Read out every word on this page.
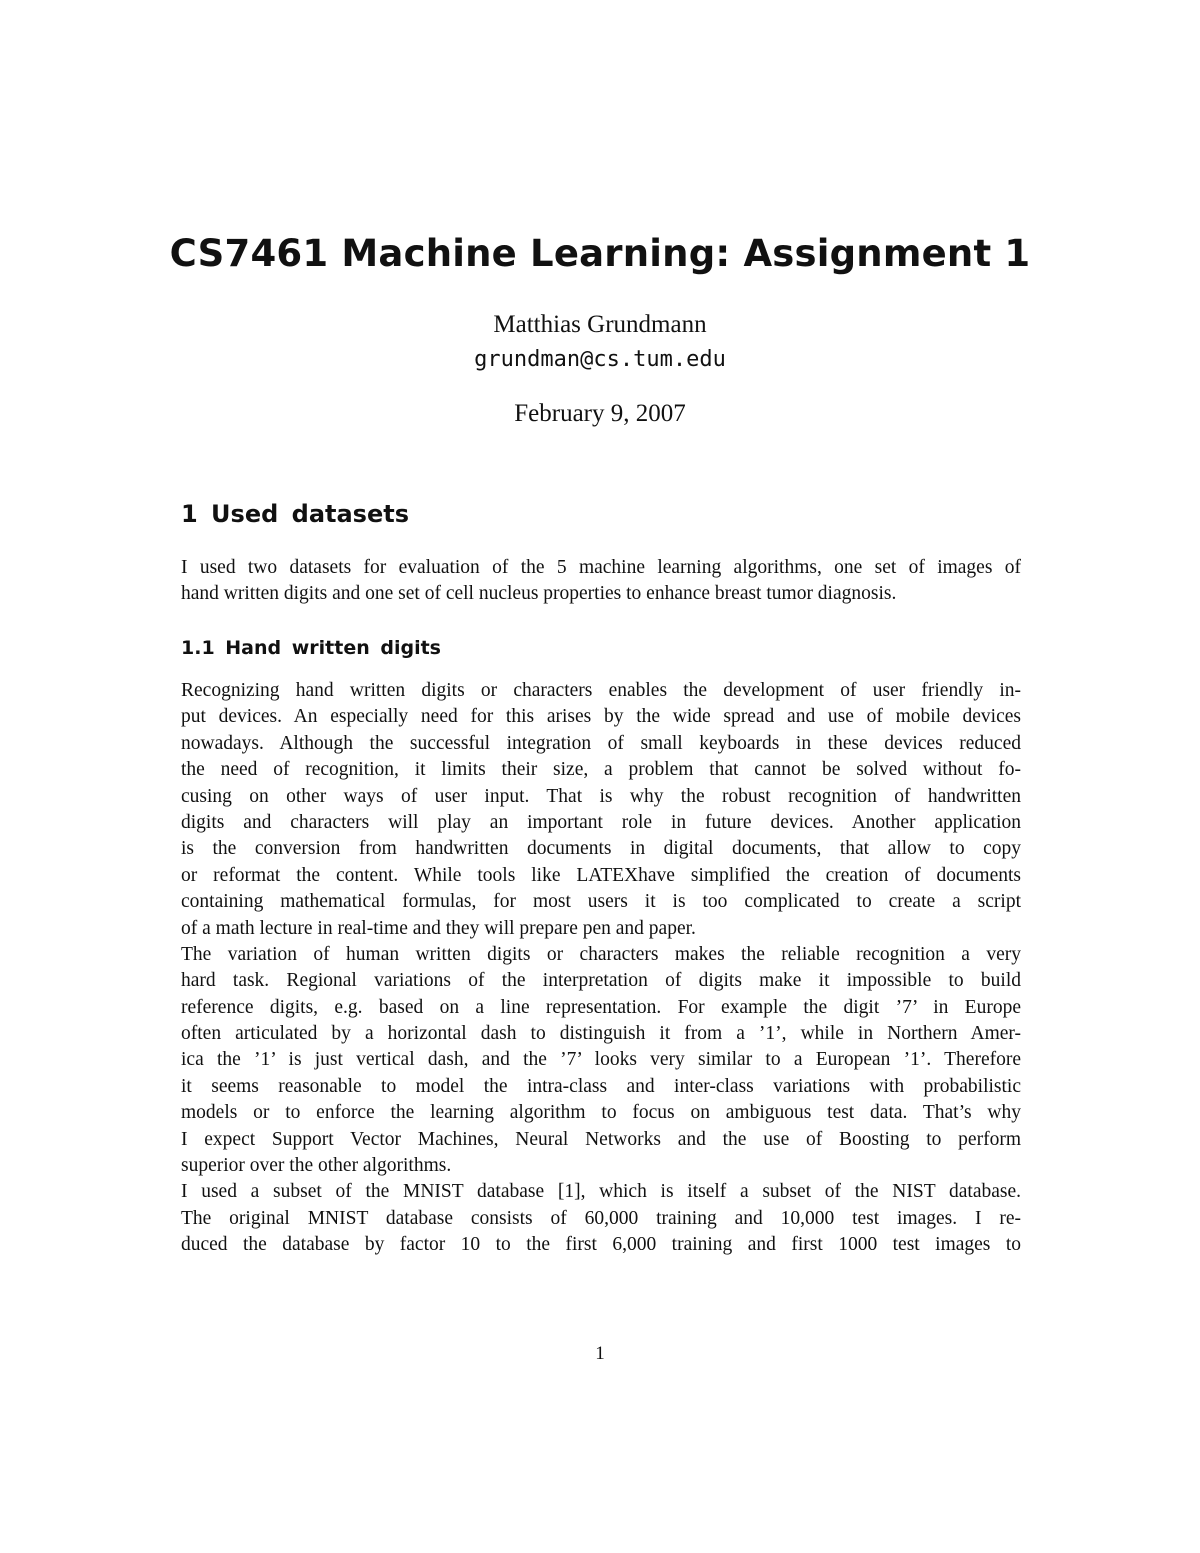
CS7461 Machine Learning: Assignment 1
Matthias Grundmann
grundman@cs.tum.edu
February 9, 2007
1 Used datasets
I used two datasets for evaluation of the 5 machine learning algorithms, one set of images of
hand written digits and one set of cell nucleus properties to enhance breast tumor diagnosis.
1.1 Hand written digits
Recognizing hand written digits or characters enables the development of user friendly in-
put devices. An especially need for this arises by the wide spread and use of mobile devices
nowadays. Although the successful integration of small keyboards in these devices reduced
the need of recognition, it limits their size, a problem that cannot be solved without fo-
cusing on other ways of user input. That is why the robust recognition of handwritten
digits and characters will play an important role in future devices. Another application
is the conversion from handwritten documents in digital documents, that allow to copy
or reformat the content. While tools like LATEXhave simplified the creation of documents
containing mathematical formulas, for most users it is too complicated to create a script
of a math lecture in real-time and they will prepare pen and paper.
The variation of human written digits or characters makes the reliable recognition a very
hard task. Regional variations of the interpretation of digits make it impossible to build
reference digits, e.g. based on a line representation. For example the digit ’7’ in Europe
often articulated by a horizontal dash to distinguish it from a ’1’, while in Northern Amer-
ica the ’1’ is just vertical dash, and the ’7’ looks very similar to a European ’1’. Therefore
it seems reasonable to model the intra-class and inter-class variations with probabilistic
models or to enforce the learning algorithm to focus on ambiguous test data. That’s why
I expect Support Vector Machines, Neural Networks and the use of Boosting to perform
superior over the other algorithms.
I used a subset of the MNIST database [1], which is itself a subset of the NIST database.
The original MNIST database consists of 60,000 training and 10,000 test images. I re-
duced the database by factor 10 to the first 6,000 training and first 1000 test images to
1
